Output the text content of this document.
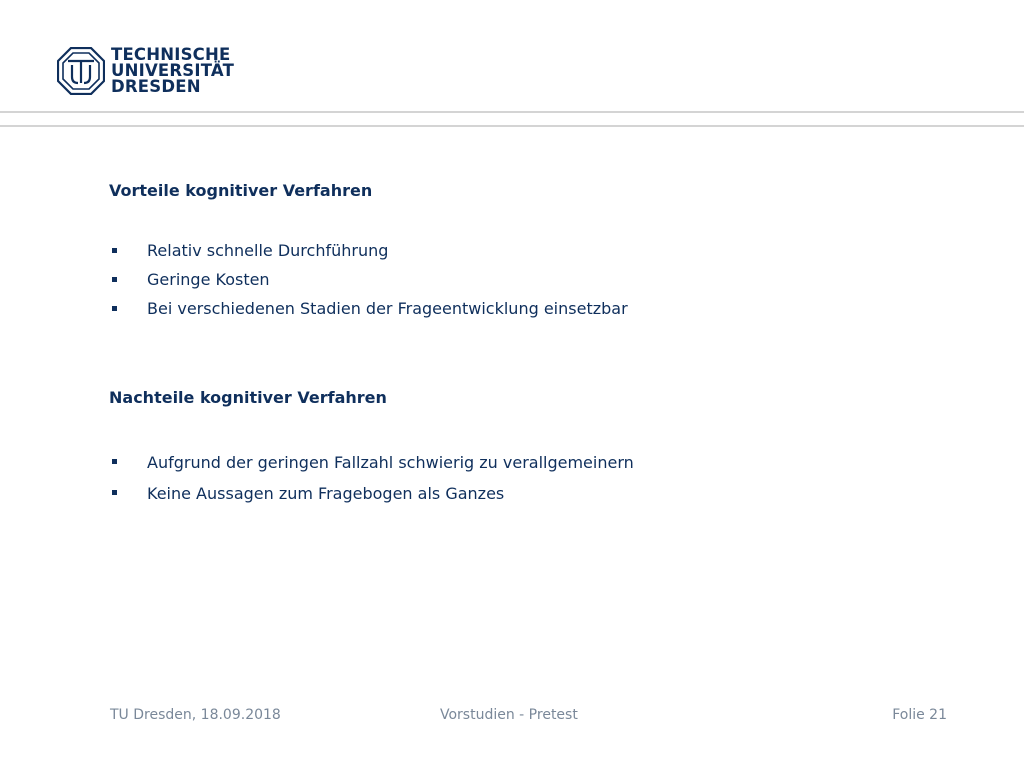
TECHNISCHE
UNIVERSITÄT
DRESDEN
Vorteile kognitiver Verfahren
Relativ schnelle Durchführung
Geringe Kosten
Bei verschiedenen Stadien der Frageentwicklung einsetzbar
Nachteile kognitiver Verfahren
Aufgrund der geringen Fallzahl schwierig zu verallgemeinern
Keine Aussagen zum Fragebogen als Ganzes
TU Dresden, 18.09.2018	Vorstudien - Pretest	Folie 21
